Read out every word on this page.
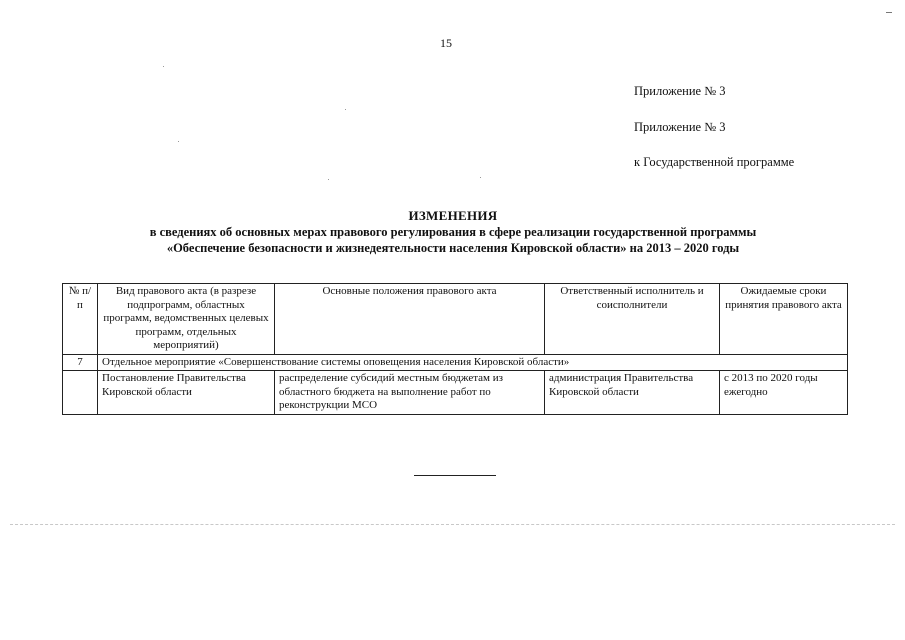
15
Приложение № 3
Приложение № 3
к Государственной программе
ИЗМЕНЕНИЯ
в сведениях об основных мерах правового регулирования в сфере реализации государственной программы
«Обеспечение безопасности и жизнедеятельности населения Кировской области» на 2013 – 2020 годы
№ п/п	Вид правового акта (в разрезе подпрограмм, областных программ, ведомственных целевых программ, отдельных мероприятий)	Основные положения правового акта	Ответственный исполнитель и соисполнители	Ожидаемые сроки принятия правового акта
7	Отдельное мероприятие «Совершенствование системы оповещения населения Кировской области»			
	Постановление Правительства Кировской области	распределение субсидий местным бюджетам из областного бюджета на выполнение работ по реконструкции МСО	администрация Правительства Кировской области	с 2013 по 2020 годы ежегодно
